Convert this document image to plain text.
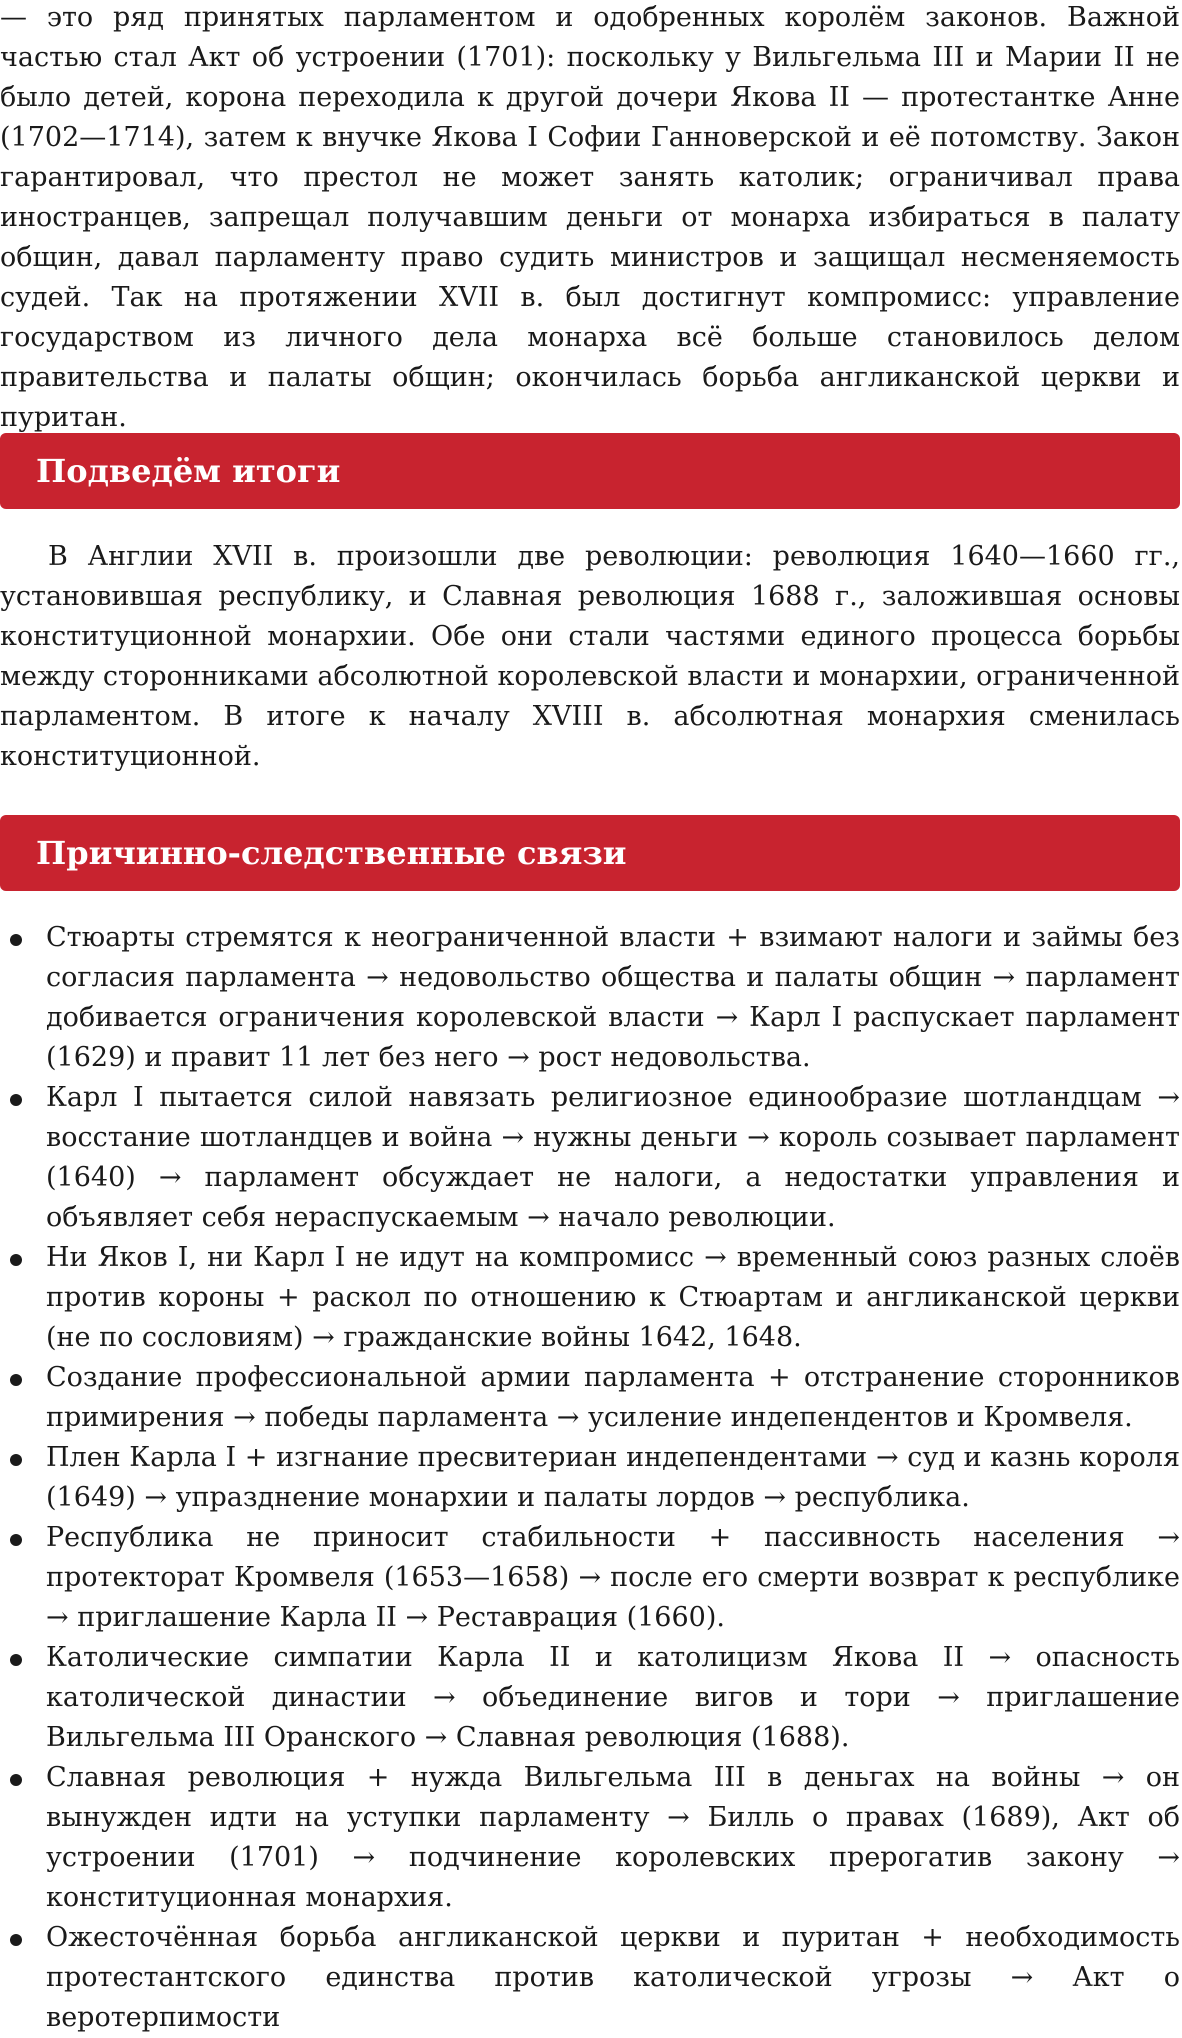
— это ряд принятых парламентом и одобренных королём законов. Важной частью стал Акт об устроении (1701): поскольку у Вильгельма III и Марии II не было детей, корона переходила к другой дочери Якова II — протестантке Анне (1702—1714), затем к внучке Якова I Софии Ганноверской и её потомству. Закон гарантировал, что престол не может занять католик; ограничивал права иностранцев, запрещал получавшим деньги от монарха избираться в палату общин, давал парламенту право судить министров и защищал несменяемость судей. Так на протяжении XVII в. был достигнут компромисс: управление государством из личного дела монарха всё больше становилось делом правительства и палаты общин; окончилась борьба англиканской церкви и пуритан.

Подведём итоги

В Англии XVII в. произошли две революции: революция 1640—1660 гг., установившая республику, и Славная революция 1688 г., заложившая основы конституционной монархии. Обе они стали частями единого процесса борьбы между сторонниками абсолютной королевской власти и монархии, ограниченной парламентом. В итоге к началу XVIII в. абсолютная монархия сменилась конституционной.

Причинно-следственные связи
Стюарты стремятся к неограниченной власти + взимают налоги и займы без согласия парламента → недовольство общества и палаты общин → парламент добивается ограничения королевской власти → Карл I распускает парламент (1629) и правит 11 лет без него → рост недовольства.
Карл I пытается силой навязать религиозное единообразие шотландцам → восстание шотландцев и война → нужны деньги → король созывает парламент (1640) → парламент обсуждает не налоги, а недостатки управления и объявляет себя нераспускаемым → начало революции.
Ни Яков I, ни Карл I не идут на компромисс → временный союз разных слоёв против короны + раскол по отношению к Стюартам и англиканской церкви (не по сословиям) → гражданские войны 1642, 1648.
Создание профессиональной армии парламента + отстранение сторонников примирения → победы парламента → усиление индепендентов и Кромвеля.
Плен Карла I + изгнание пресвитериан индепендентами → суд и казнь короля (1649) → упразднение монархии и палаты лордов → республика.
Республика не приносит стабильности + пассивность населения → протекторат Кромвеля (1653—1658) → после его смерти возврат к республике → приглашение Карла II → Реставрация (1660).
Католические симпатии Карла II и католицизм Якова II → опасность католической династии → объединение вигов и тори → приглашение Вильгельма III Оранского → Славная революция (1688).
Славная революция + нужда Вильгельма III в деньгах на войны → он вынужден идти на уступки парламенту → Билль о правах (1689), Акт об устроении (1701) → подчинение королевских прерогатив закону → конституционная монархия.
Ожесточённая борьба англиканской церкви и пуритан + необходимость протестантского единства против католической угрозы → Акт о веротерпимости
